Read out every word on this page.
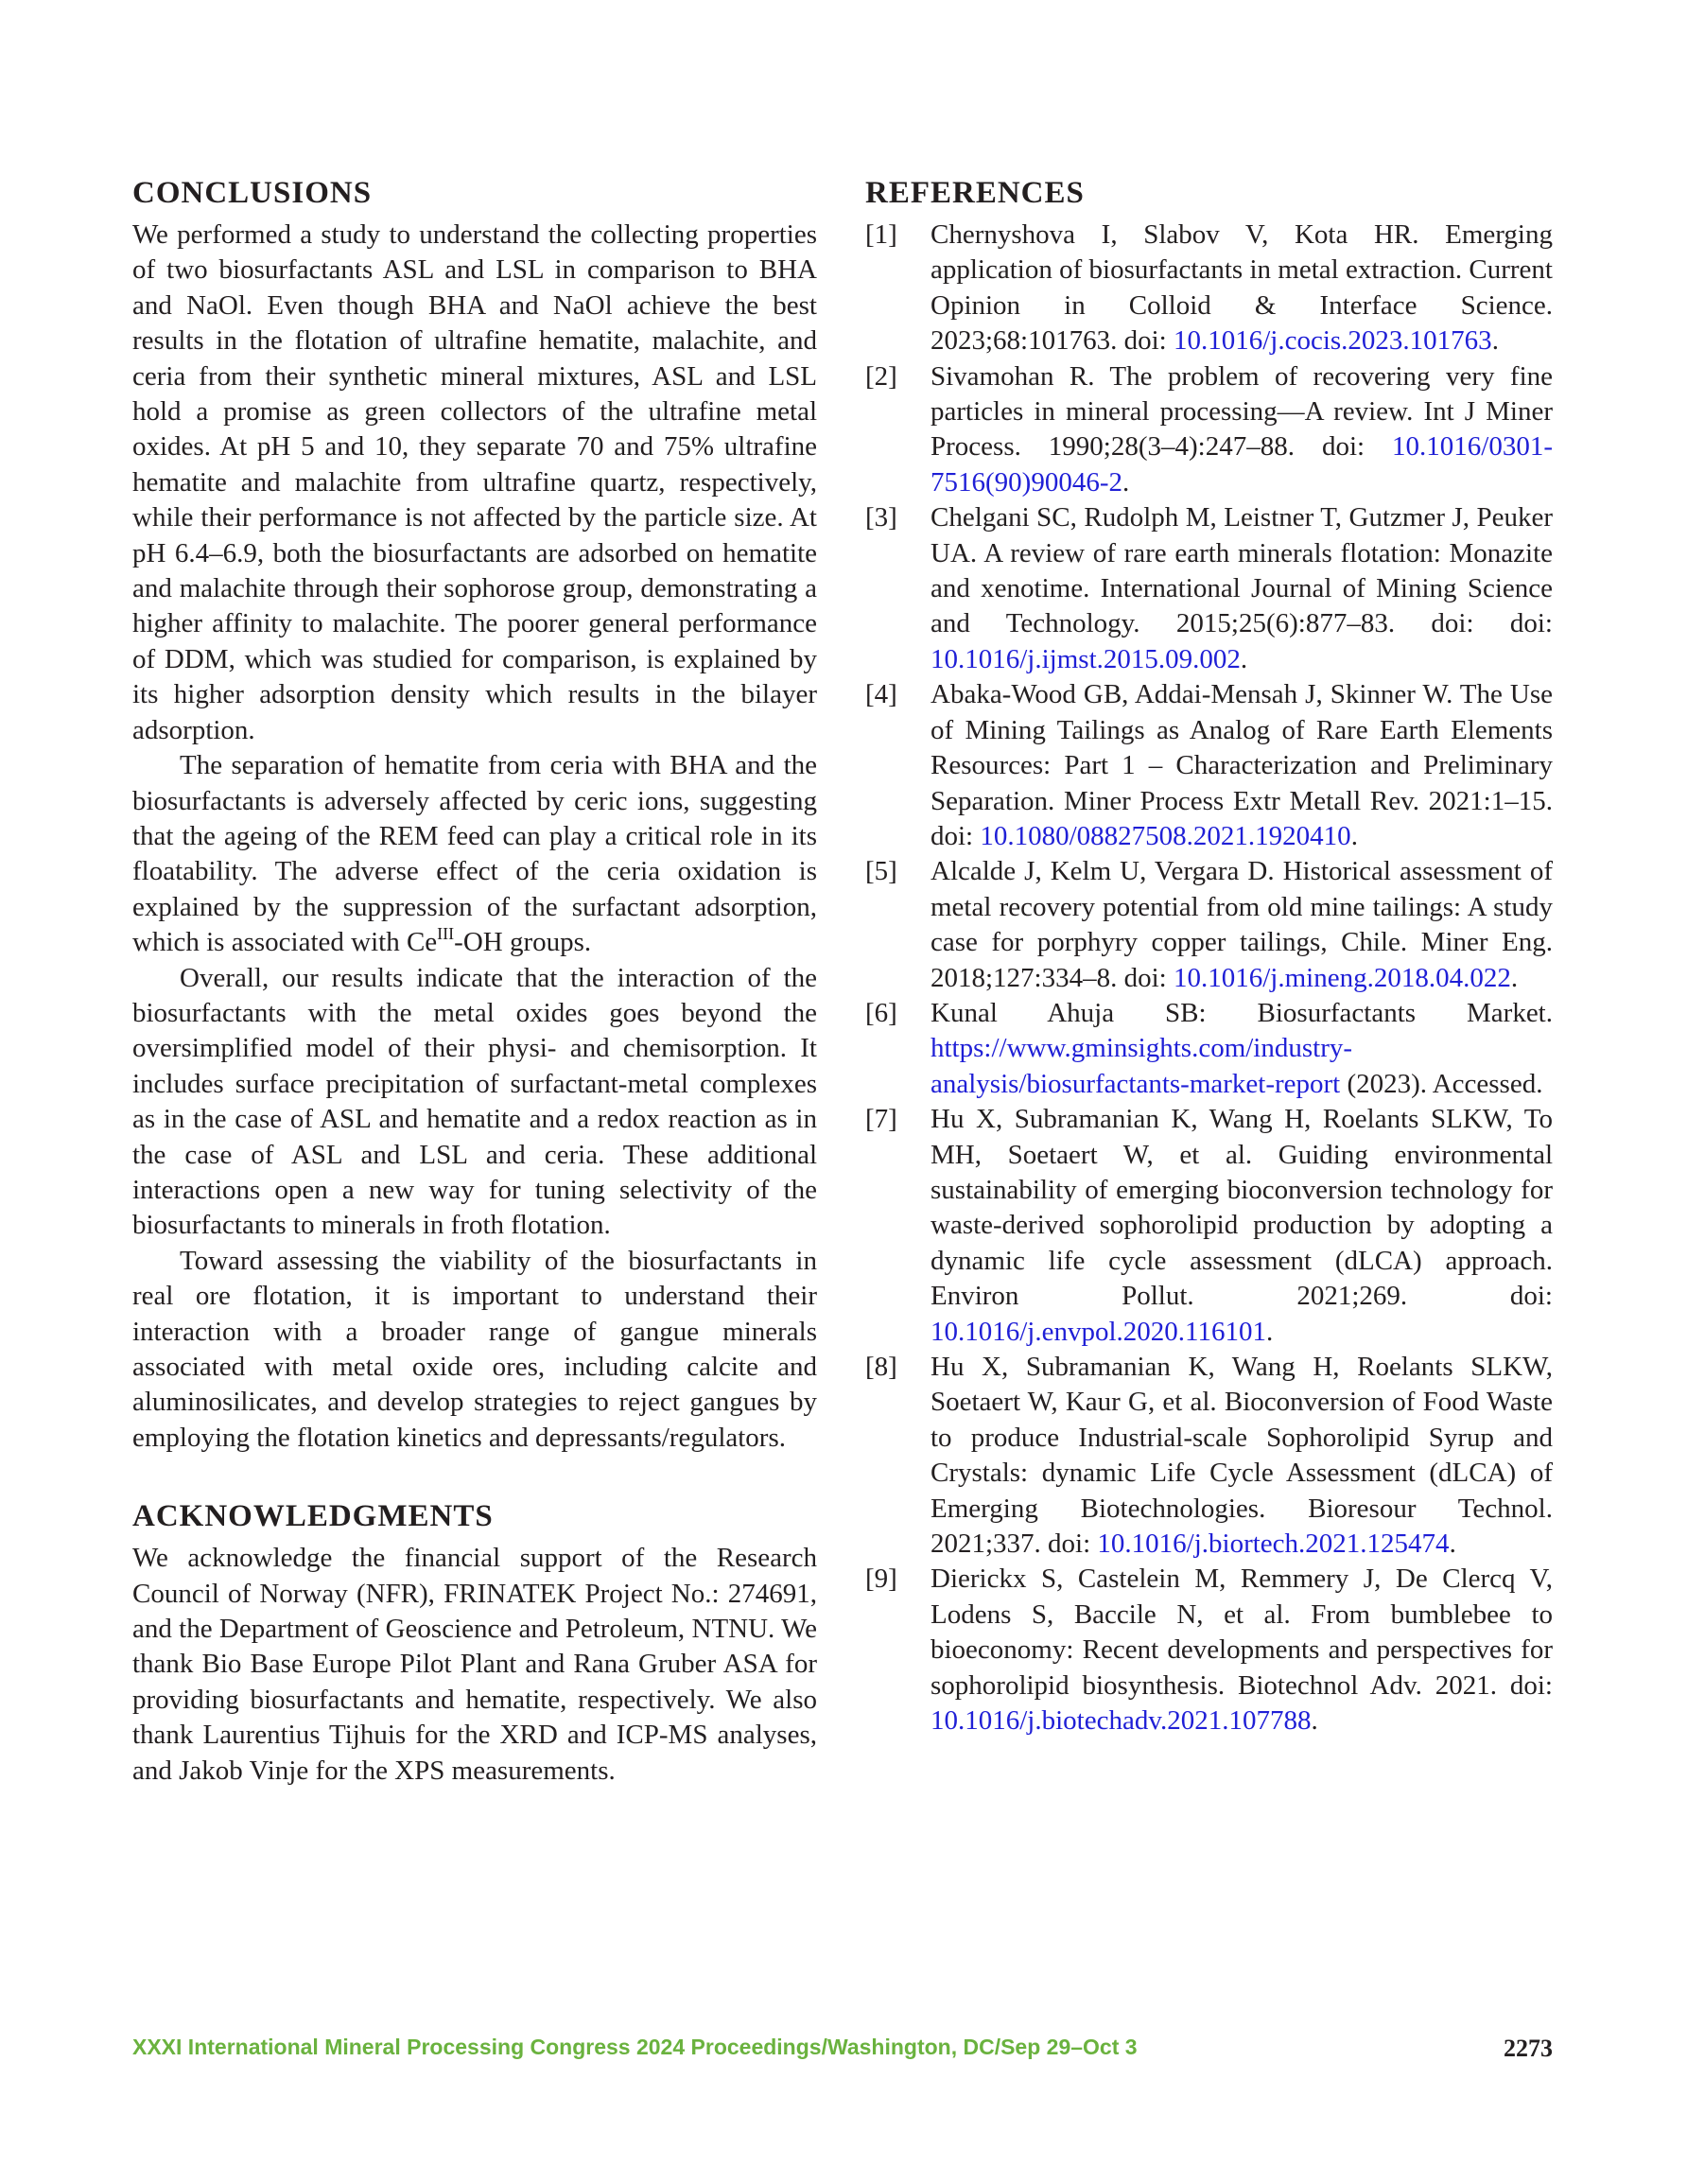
CONCLUSIONS

We performed a study to understand the collecting properties of two biosurfactants ASL and LSL in comparison to BHA and NaOl. Even though BHA and NaOl achieve the best results in the flotation of ultrafine hematite, malachite, and ceria from their synthetic mineral mixtures, ASL and LSL hold a promise as green collectors of the ultrafine metal oxides. At pH 5 and 10, they separate 70 and 75% ultrafine hematite and malachite from ultrafine quartz, respectively, while their performance is not affected by the particle size. At pH 6.4–6.9, both the biosurfactants are adsorbed on hematite and malachite through their sophorose group, demonstrating a higher affinity to malachite. The poorer general performance of DDM, which was studied for comparison, is explained by its higher adsorption density which results in the bilayer adsorption.

The separation of hematite from ceria with BHA and the biosurfactants is adversely affected by ceric ions, suggesting that the ageing of the REM feed can play a critical role in its floatability. The adverse effect of the ceria oxidation is explained by the suppression of the surfactant adsorption, which is associated with $Ce^{III}-OH$ groups.

Overall, our results indicate that the interaction of the biosurfactants with the metal oxides goes beyond the oversimplified model of their physi- and chemisorption. It includes surface precipitation of surfactant-metal complexes as in the case of ASL and hematite and a redox reaction as in the case of ASL and LSL and ceria. These additional interactions open a new way for tuning selectivity of the biosurfactants to minerals in froth flotation.

Toward assessing the viability of the biosurfactants in real ore flotation, it is important to understand their interaction with a broader range of gangue minerals associated with metal oxide ores, including calcite and aluminosilicates, and develop strategies to reject gangues by employing the flotation kinetics and depressants/regulators.

ACKNOWLEDGMENTS

We acknowledge the financial support of the Research Council of Norway (NFR), FRINATEK Project No.: 274691, and the Department of Geoscience and Petroleum, NTNU. We thank Bio Base Europe Pilot Plant and Rana Gruber ASA for providing biosurfactants and hematite, respectively. We also thank Laurentius Tijhuis for the XRD and ICP-MS analyses, and Jakob Vinje for the XPS measurements.

REFERENCES
[1]	Chernyshova I, Slabov V, Kota HR. Emerging application of biosurfactants in metal extraction. Current Opinion in Colloid & Interface Science. 2023;68:101763. doi: 10.1016/j.cocis.2023.101763.
[2]	Sivamohan R. The problem of recovering very fine particles in mineral processing—A review. Int J Miner Process. 1990;28(3–4):247–88. doi: 10.1016/0301-7516(90)90046-2.
[3]	Chelgani SC, Rudolph M, Leistner T, Gutzmer J, Peuker UA. A review of rare earth minerals flotation: Monazite and xenotime. International Journal of Mining Science and Technology. 2015;25(6):877–83. doi: doi: 10.1016/j.ijmst.2015.09.002.
[4]	Abaka-Wood GB, Addai-Mensah J, Skinner W. The Use of Mining Tailings as Analog of Rare Earth Elements Resources: Part 1 – Characterization and Preliminary Separation. Miner Process Extr Metall Rev. 2021:1–15. doi: 10.1080/08827508.2021.1920410.
[5]	Alcalde J, Kelm U, Vergara D. Historical assessment of metal recovery potential from old mine tailings: A study case for porphyry copper tailings, Chile. Miner Eng. 2018;127:334–8. doi: 10.1016/j.mineng.2018.04.022.
[6]	Kunal Ahuja SB: Biosurfactants Market. https://www.gminsights.com/industry-analysis/biosurfactants-market-report (2023). Accessed.
[7]	Hu X, Subramanian K, Wang H, Roelants SLKW, To MH, Soetaert W, et al. Guiding environmental sustainability of emerging bioconversion technology for waste-derived sophorolipid production by adopting a dynamic life cycle assessment (dLCA) approach. Environ Pollut. 2021;269. doi: 10.1016/j.envpol.2020.116101.
[8]	Hu X, Subramanian K, Wang H, Roelants SLKW, Soetaert W, Kaur G, et al. Bioconversion of Food Waste to produce Industrial-scale Sophorolipid Syrup and Crystals: dynamic Life Cycle Assessment (dLCA) of Emerging Biotechnologies. Bioresour Technol. 2021;337. doi: 10.1016/j.biortech.2021.125474.
[9]	Dierickx S, Castelein M, Remmery J, De Clercq V, Lodens S, Baccile N, et al. From bumblebee to bioeconomy: Recent developments and perspectives for sophorolipid biosynthesis. Biotechnol Adv. 2021. doi: 10.1016/j.biotechadv.2021.107788.
XXXI International Mineral Processing Congress 2024 Proceedings/Washington, DC/Sep 29–Oct 3	2273
